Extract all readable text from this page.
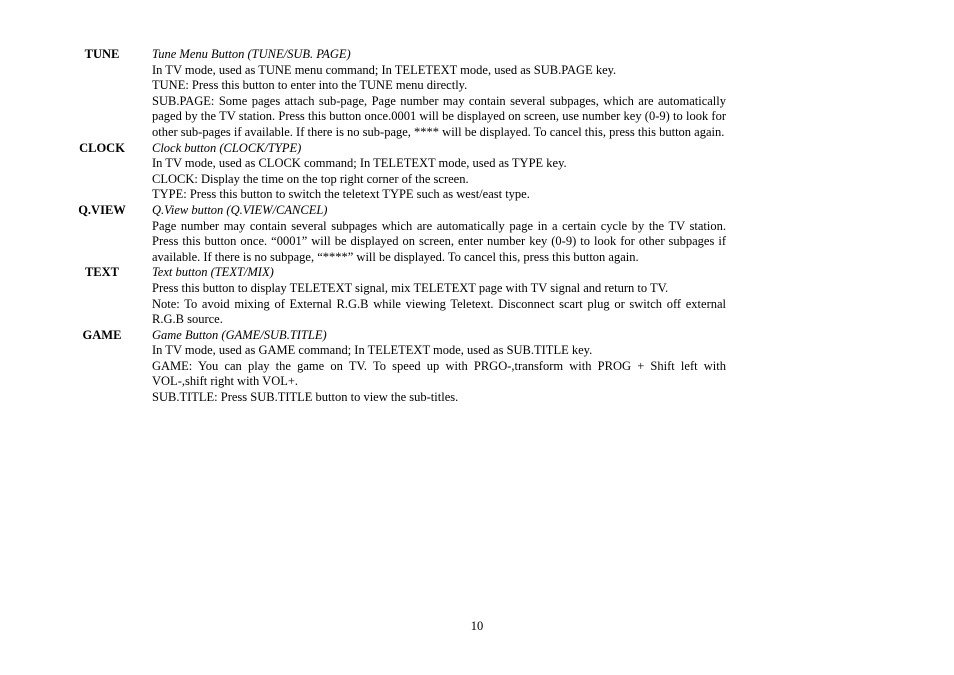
TUNE	Tune Menu Button (TUNE/SUB. PAGE)

In TV mode, used as TUNE menu command; In TELETEXT mode, used as SUB.PAGE key.

TUNE: Press this button to enter into the TUNE menu directly.

SUB.PAGE: Some pages attach sub-page, Page number may contain several subpages, which are automatically paged by the TV station. Press this button once.0001 will be displayed on screen, use number key (0-9) to look for other sub-pages if available. If there is no sub-page, **** will be displayed. To cancel this, press this button again.

CLOCK	Clock button (CLOCK/TYPE)

In TV mode, used as CLOCK command; In TELETEXT mode, used as TYPE key.

CLOCK: Display the time on the top right corner of the screen.

TYPE: Press this button to switch the teletext TYPE such as west/east type.

Q.VIEW	Q.View button (Q.VIEW/CANCEL)

Page number may contain several subpages which are automatically page in a certain cycle by the TV station. Press this button once. “0001” will be displayed on screen, enter number key (0-9) to look for other subpages if available. If there is no subpage, “****” will be displayed. To cancel this, press this button again.

TEXT	Text button (TEXT/MIX)

Press this button to display TELETEXT signal, mix TELETEXT page with TV signal and return to TV.

Note: To avoid mixing of External R.G.B while viewing Teletext. Disconnect scart plug or switch off external R.G.B source.

GAME	Game Button (GAME/SUB.TITLE)

In TV mode, used as GAME command; In TELETEXT mode, used as SUB.TITLE key.

GAME: You can play the game on TV. To speed up with PRGO-,transform with PROG + Shift left with VOL-,shift right with VOL+.

SUB.TITLE: Press SUB.TITLE button to view the sub-titles.

10
